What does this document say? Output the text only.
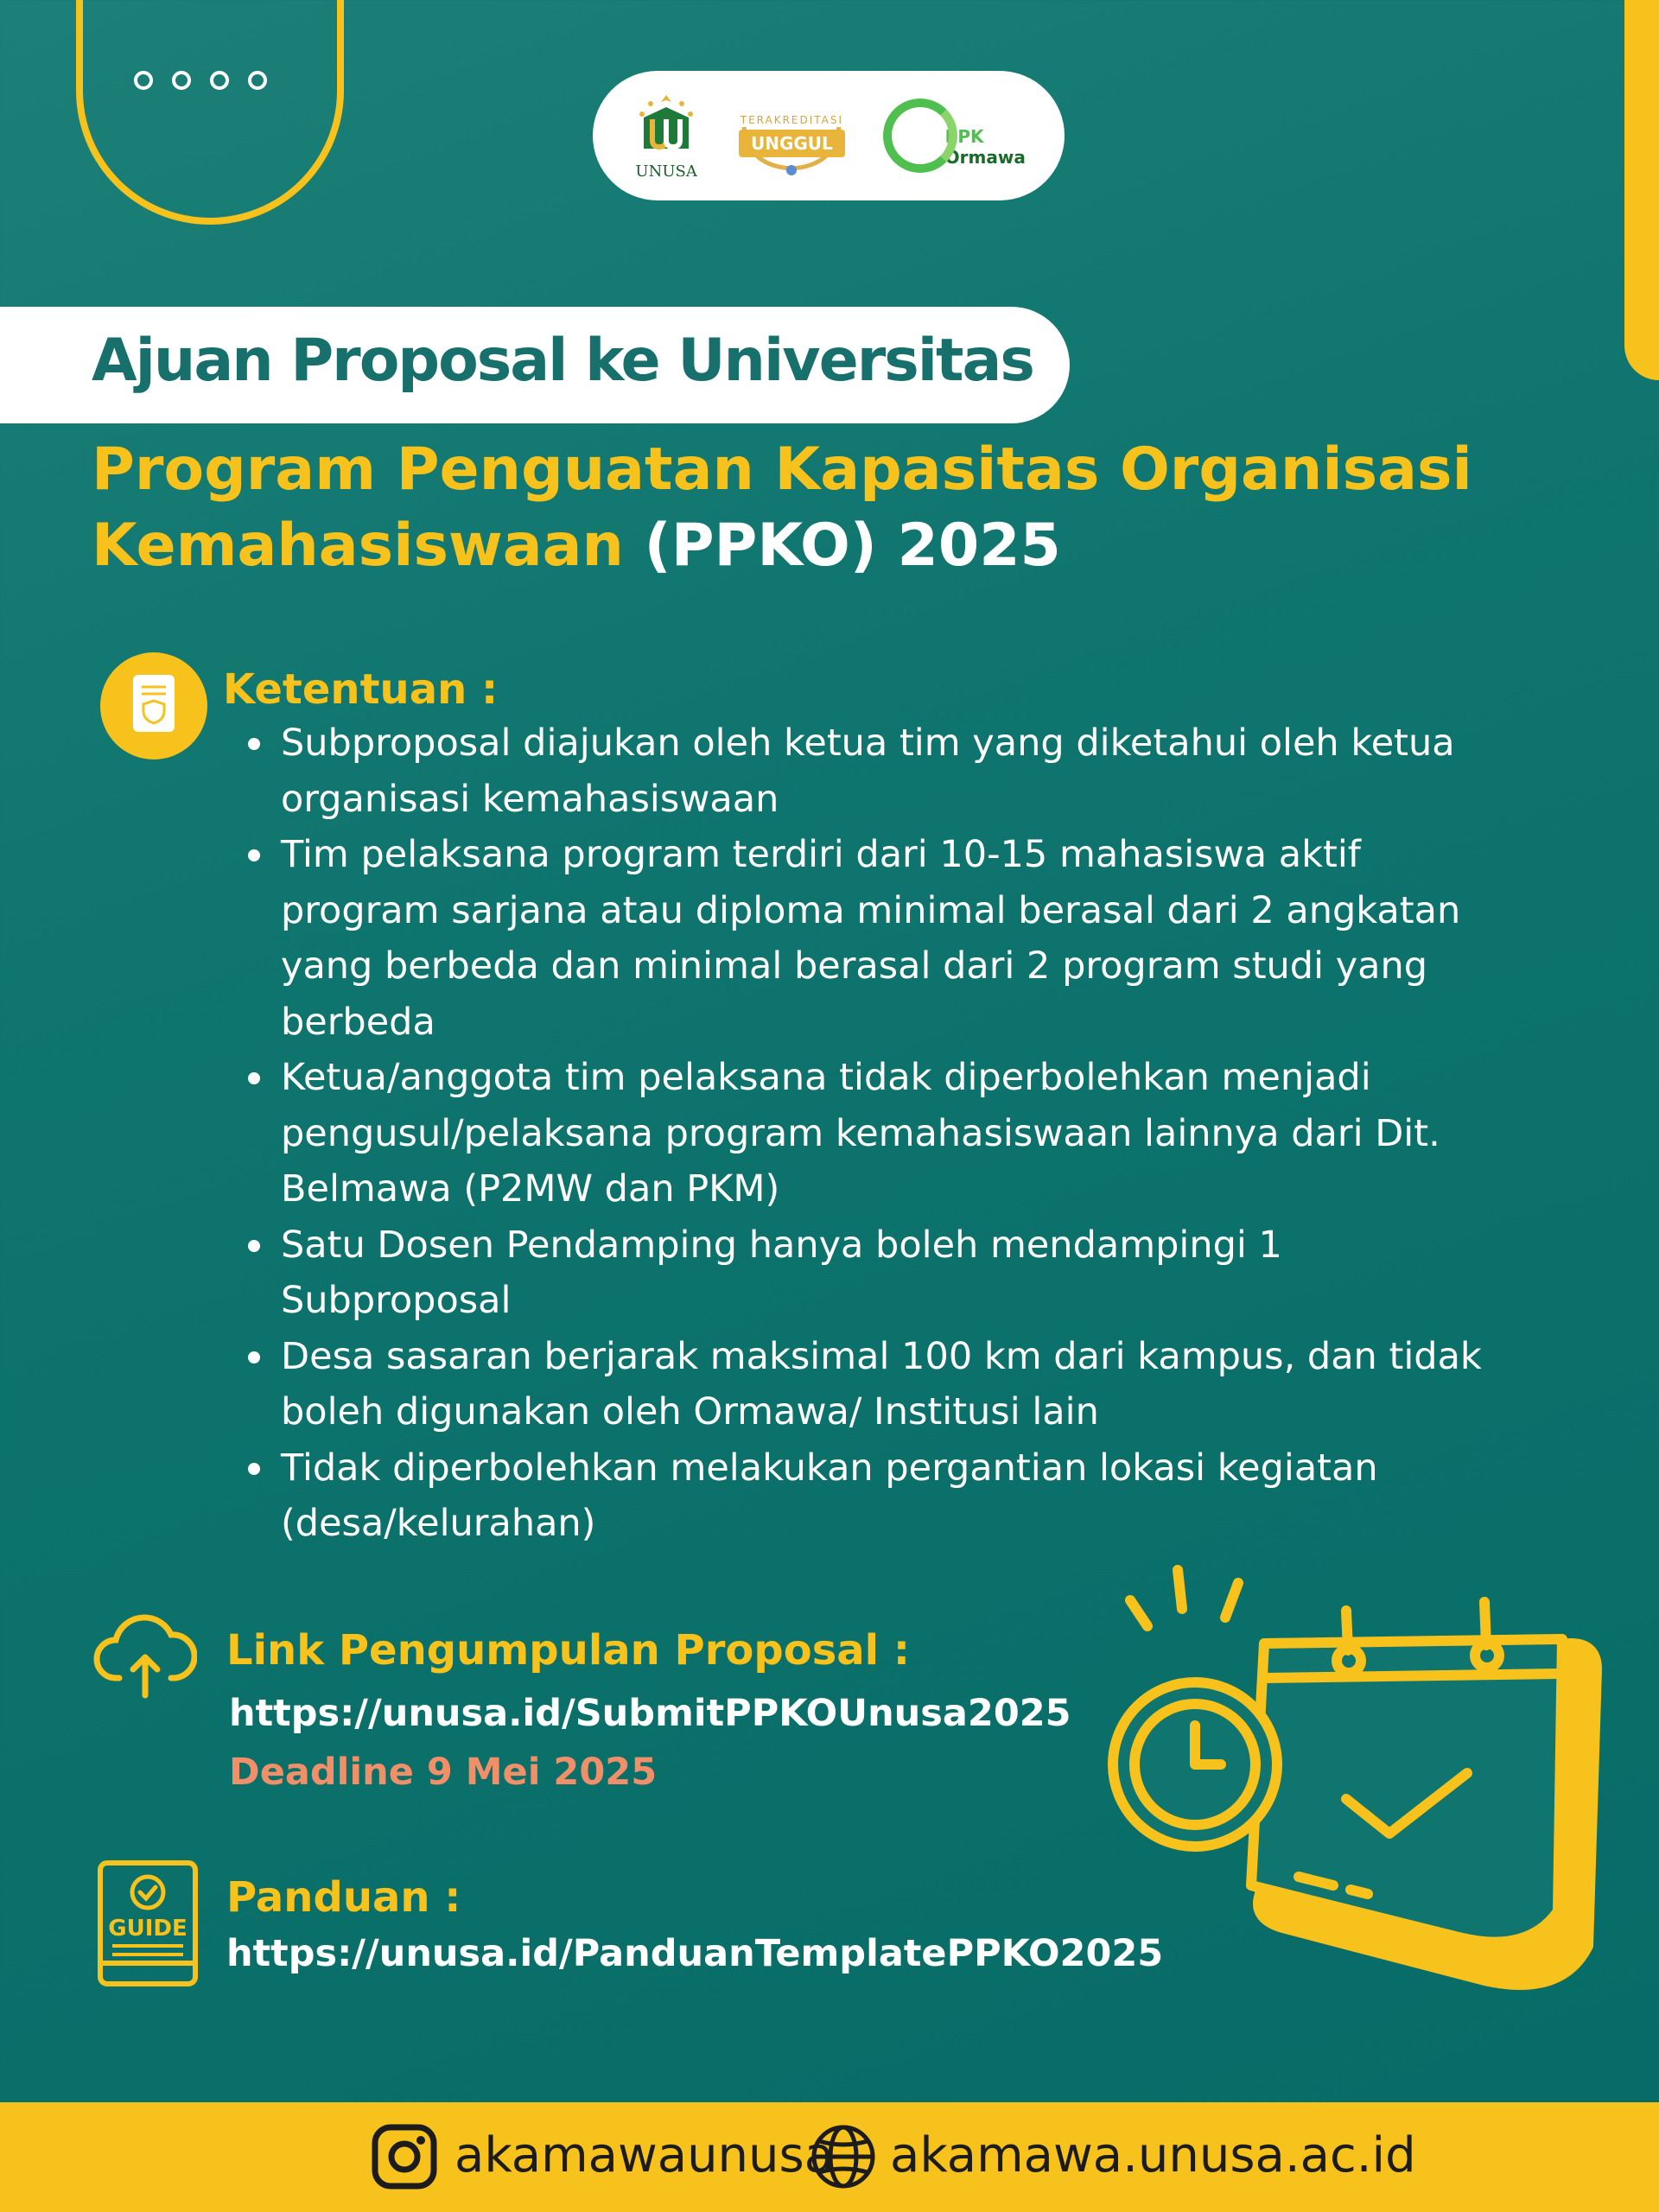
UNUSA
TERAKREDITASI
UNGGUL	PPK
Ormawa
Ajuan Proposal ke Universitas
Program Penguatan Kapasitas Organisasi Kemahasiswaan (PPKO) 2025
Ketentuan :
Subproposal diajukan oleh ketua tim yang diketahui oleh ketua organisasi kemahasiswaan
Tim pelaksana program terdiri dari 10-15 mahasiswa aktif program sarjana atau diploma minimal berasal dari 2 angkatan yang berbeda dan minimal berasal dari 2 program studi yang berbeda
Ketua/anggota tim pelaksana tidak diperbolehkan menjadi pengusul/pelaksana program kemahasiswaan lainnya dari Dit. Belmawa (P2MW dan PKM)
Satu Dosen Pendamping hanya boleh mendampingi 1 Subproposal
Desa sasaran berjarak maksimal 100 km dari kampus, dan tidak boleh digunakan oleh Ormawa/ Institusi lain
Tidak diperbolehkan melakukan pergantian lokasi kegiatan (desa/kelurahan)
Link Pengumpulan Proposal :
https://unusa.id/SubmitPPKOUnusa2025
Deadline 9 Mei 2025
GUIDE
Panduan :
https://unusa.id/PanduanTemplatePPKO2025
akamawaunusa akamawa.unusa.ac.id
